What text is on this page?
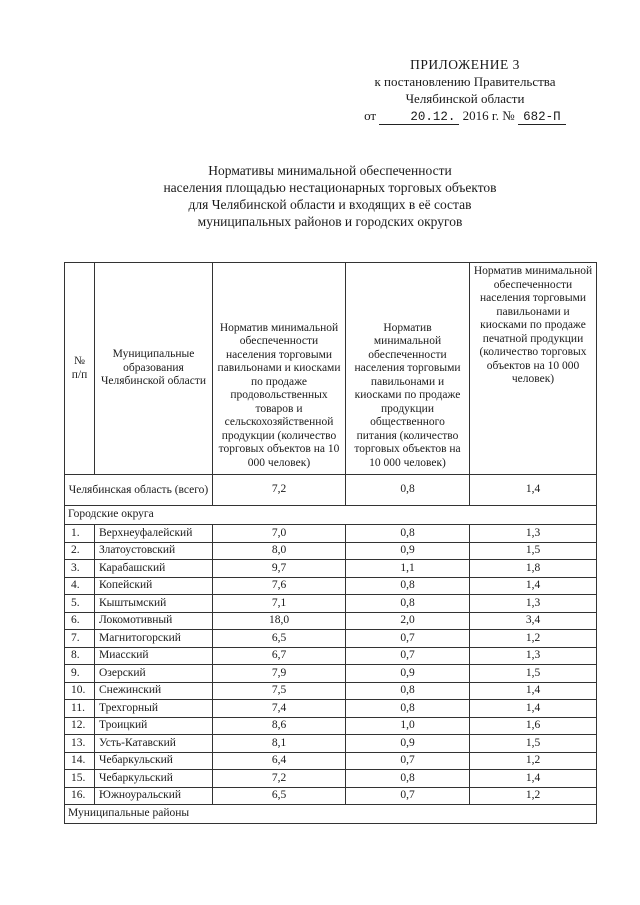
ПРИЛОЖЕНИЕ 3
к постановлению Правительства
Челябинской области
от	20.12. 2016 г. № 682-П
Нормативы минимальной обеспеченности
населения площадью нестационарных торговых объектов
для Челябинской области и входящих в её состав
муниципальных районов и городских округов
№ п/п	Муниципальные образования Челябинской области	Норматив минимальной обеспеченности населения торговыми павильонами и киосками по продаже продовольственных товаров и сельскохозяйственной продукции (количество торговых объектов на 10 000 человек)	Норматив минимальной обеспеченности населения торговыми павильонами и киосками по продаже продукции общественного питания (количество торговых объектов на 10 000 человек)	Норматив минимальной обеспеченности населения торговыми павильонами и киосками по продаже печатной продукции (количество торговых объектов на 10 000 человек)
Челябинская область (всего)		7,2	0,8	1,4
Городские округа				
1.	Верхнеуфалейский	7,0	0,8	1,3
2.	Златоустовский	8,0	0,9	1,5
3.	Карабашский	9,7	1,1	1,8
4.	Копейский	7,6	0,8	1,4
5.	Кыштымский	7,1	0,8	1,3
6.	Локомотивный	18,0	2,0	3,4
7.	Магнитогорский	6,5	0,7	1,2
8.	Миасский	6,7	0,7	1,3
9.	Озерский	7,9	0,9	1,5
10.	Снежинский	7,5	0,8	1,4
11.	Трехгорный	7,4	0,8	1,4
12.	Троицкий	8,6	1,0	1,6
13.	Усть-Катавский	8,1	0,9	1,5
14.	Чебаркульский	6,4	0,7	1,2
15.	Чебаркульский	7,2	0,8	1,4
16.	Южноуральский	6,5	0,7	1,2
Муниципальные районы				
